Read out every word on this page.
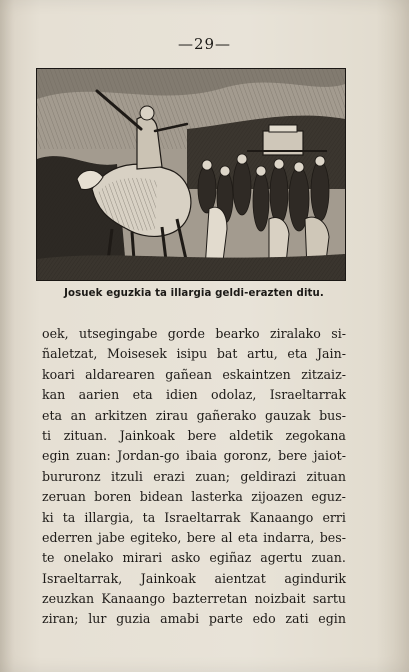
—29—
Josuek eguzkia ta illargia geldi-erazten ditu.
oek, utsegingabe gorde bearko ziralako si-
ñaletzat, Moisesek isipu bat artu, eta Jain-
koari aldarearen gañean eskaintzen zitzaiz-
kan aarien eta idien odolaz, Israeltarrak
eta an arkitzen zirau gañerako gauzak bus-
ti zituan. Jainkoak bere aldetik zegokana
egin zuan: Jordan-go ibaia goronz, bere jaiot-
bururonz itzuli erazi zuan; geldirazi zituan
zeruan boren bidean lasterka zijoazen eguz-
ki ta illargia, ta Israeltarrak Kanaango erri
ederren jabe egiteko, bere al eta indarra, bes-
te onelako mirari asko egiñaz agertu zuan.
Israeltarrak, Jainkoak aientzat agindurik
zeuzkan Kanaango bazterretan noizbait sartu
ziran; lur guzia amabi parte edo zati egin
